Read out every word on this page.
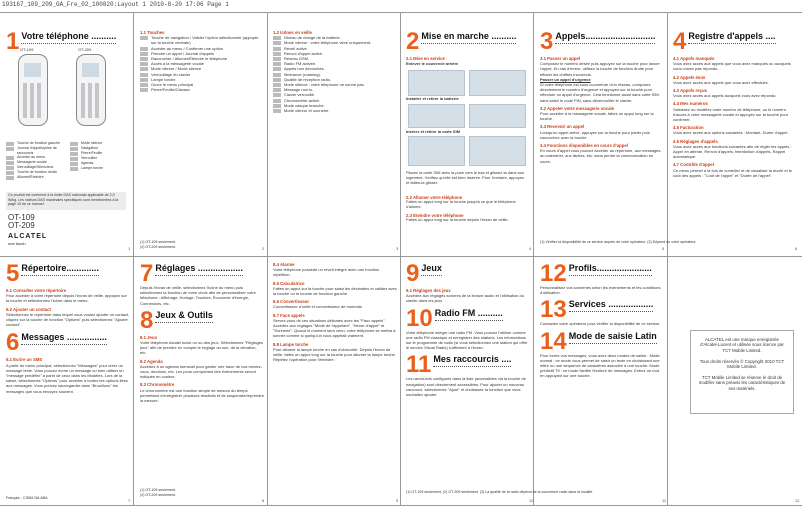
193167_109_209_GA_Fre_02_100820:Layout 1 2010-8-20 17:06 Page 1
1 Votre téléphone ..........
OT-109	OT-209
Touche de fonction gauche
Journal d'appels/prise de raccourcis
Accéder au menu
Messagerie vocale
Verrouillage/Silencieux
Touche de fonction droite
Allumer/Éteindre
Mode silence
Navigation
Pierre/Feuille
Verrouiller
Agenda
Lampe torche
Ce produit est conforme à la limite DAS nationale applicable de 2,0 W/kg. Les valeurs DAS maximales spécifiques sont mentionnées à la page 15 de ce manuel.
OT-109
OT-209
ALCATEL
one touch
1
1.1 Touches
Touche de navigation / Valider l'option sélectionnée (appuyer sur la touche centrale)
Accéder au menu / Confirmer une option
Prendre un appel / Journal d'appels
Raccrocher / Allumer/Éteindre le téléphone
Accès à la messagerie vocale
Mode vibreur / Mode silence
Verrouillage du clavier
Lampe torche
Ouvrir le menu principal
Pierre/Feuille/Ciseaux
(1) OT-109 seulement.
(2) OT-209 seulement.	2
1.2 Icônes en veille
Niveau de charge de la batterie.
Mode vibreur : votre téléphone vibre uniquement.
Réveil activé.
Renvoi d'appel activé.
Réseau GSM.
Radio FM activée.
Appels non décrochés.
Itinérance (roaming).
Qualité de réception radio.
Mode silence : votre téléphone ne sonne pas.
Message non lu.
Clavier verrouillé.
Chronomètre activé.
Mode casque branché.
Mode vibreur et sonnerie.
3
2 Mise en marche ..........
2.1 Mise en service
Enlever le couvercle arrière
Installer et retirer la batterie
Insérer et retirer la carte SIM
Placez la carte SIM avec la puce vers le bas et glissez-la dans son logement. Vérifiez qu'elle est bien insérée. Pour l'extraire, appuyez et faites-la glisser.
2.2 Allumer votre téléphone
Faites un appui long sur la touche jusqu'à ce que le téléphone s'allume.
2.3 Éteindre votre téléphone
Faites un appui long sur la touche depuis l'écran de veille.
4
3 Appels............................
3.1 Passer un appel
Composez le numéro désiré puis appuyez sur la touche pour lancer l'appel. En cas d'erreur, utilisez la touche de fonction droite pour effacer les chiffres incorrects.
Passer un appel d'urgence
Si votre téléphone est sous couverture d'un réseau, composez directement le numéro d'urgence et appuyez sur la touche pour effectuer un appel d'urgence. Cela fonctionne aussi sans carte SIM, sans saisir le code PIN, sans déverrouiller le clavier.
3.2 Appeler votre messagerie vocale
Pour accéder à la messagerie vocale, faites un appui long sur la touche .
3.3 Recevoir un appel
Lorsqu'un appel arrive, appuyez sur la touche pour parler puis raccrochez avec la touche .
3.4 Fonctions disponibles en cours d'appel
En cours d'appel vous pouvez accéder au répertoire, aux messages, au calendrier, aux tâches, etc. sans perdre la communication en cours.
5
4 Registre d'appels ....
4.1 Appels manqués
Vous avez accès aux appels que vous avez manqués ou auxquels vous n'avez pas répondu.
4.2 Appels émis
Vous avez accès aux appels que vous avez effectués.
4.3 Appels reçus
Vous avez accès aux appels auxquels vous avez répondu.
4.4 Mes numéros
Saisissez ou modifiez votre numéro de téléphone, ou le numéro d'accès à votre messagerie vocale et appuyez sur la touche pour confirmer.
4.5 Facturation
Vous avez accès aux options suivantes : Montant, Durée d'appel.
4.6 Réglages d'appels
Vous avez accès aux fonctions suivantes afin de régler les appels : Appel en attente, Renvoi d'appels, Interdiction d'appels, Rappel automatique.
4.7 Contrôle d'appel
Ce menu permet à la fois de contrôler et de visualiser la durée et le coût des appels : "Coût de l'appel" et "Durée de l'appel".
(1) Vérifiez la disponibilité de ce service auprès de votre opérateur. (2) Dépend de votre opérateur.
6
5 Répertoire.............
5.1 Consulter votre répertoire
Pour accéder à votre répertoire depuis l'écran de veille, appuyez sur la touche et sélectionnez l'icône dans le menu.
5.2 Ajouter un contact
Sélectionnez le répertoire dans lequel vous voulez ajouter un contact, cliquez sur la touche de fonction "Options" puis sélectionnez "Ajouter contact".
6 Messages ................
6.1 Écrire un SMS
A partir du menu principal, sélectionnez "Messages" pour créer un message texte. Vous pouvez écrire un message ou bien utiliser un "message prédéfini" à partir de ceux dans les Modèles. Lors de la saisie, sélectionnez "Options" pour accéder à toutes les options liées aux messages. Vous pouvez sauvegarder dans "Brouillons" les messages que vous envoyez souvent.
Français - CJB61YALABA	7
7 Réglages ..................
Depuis l'écran de veille, sélectionnez l'icône du menu puis sélectionnez la fonction de votre choix afin de personnaliser votre téléphone : Affichage, Horloge, Touches, Économie d'énergie, Connexions, etc.
8 Jeux & Outils
8.1 Jeux
Votre téléphone Alcatel inclut un ou des jeux. Sélectionnez "Réglages jeux" afin de prendre en compte le réglage du son, de la vibration, etc.
8.2 Agenda
Accédez à un agenda mensuel pour garder une trace de vos rendez-vous, réunions, etc. Les jours comportant des événements seront indiqués en couleur.
8.3 Chronomètre
Le chronomètre est une fonction simple de mesure du temps permettant d'enregistrer plusieurs résultats et de suspendre/reprendre la mesure.
(1) OT-109 seulement.
(2) OT-209 seulement.
8
8.4 Alarme
Votre téléphone possède un réveil intégré avec une fonction répétition.
8.5 Calculatrice
Faites un appui sur la touche pour saisir les décimales et validez avec la touche ou la touche de fonction gauche.
8.6 Convertisseur
Convertisseur d'unité et convertisseur de monnaie.
8.7 Face appels
Servez-vous de ces situations délicates avec les "Faux appels". Accédez aux réglages "Mode de l'appelant", "Heure d'appel" et "Sonnerie". Quand le moment sera venu, votre téléphone se mettra à sonner comme si quelqu'un vous appelait vraiment.
8.8 Lampe torche
Pour allumer la lampe torche en cas d'obscurité. Depuis l'écran de veille, faites un appui long sur la touche pour allumer la lampe torche. Répétez l'opération pour l'éteindre.
9
9 Jeux
9.1 Réglages des jeux
Accédez aux réglages sonores de la lecture audio et l'utilisation du clavier dans les jeux.
10 Radio FM ..........
Votre téléphone intègre une radio FM. Vous pouvez l'utiliser comme une radio FM classique et enregistrer des stations. Les informations sur le programme de radio (si vous sélectionnez une station qui offre le service Visual Radio) s'affichent à l'écran.
11 Mes raccourcis ....
Les raccourcis configurés dans la liste (accessibles via la touche de navigation) sont directement accessibles. Pour ajouter un nouveau raccourci, sélectionnez "Ajout" et choisissez la fonction que vous souhaitez ajouter.
(1) OT-109 seulement. (2) OT-209 seulement. (3) La qualité de la radio dépend de la couverture radio dans la localité.
10
12 Profils......................
Personnalisez vos sonneries selon les évènements et les conditions d'utilisation.
13 Services ..................
Contactez votre opérateur pour vérifier la disponibilité de ce service.
14 Mode de saisie Latin
Pour écrire vos messages, vous avez deux modes de saisie : Mode normal : ce mode vous permet de saisir un texte en choisissant une lettre ou une séquence de caractères associée à une touche. Mode prédictif T9 : ce mode facilite l'écriture de messages. Entrez un mot en appuyant sur une touche.
11
ALCATEL est une marque enregistrée d'Alcatel-Lucent et utilisée sous licence par TCT Mobile Limited.

Tous droits réservés © Copyright 2010 TCT Mobile Limited.

TCT Mobile Limited se réserve le droit de modifier sans préavis les caractéristiques de ses matériels.
12
